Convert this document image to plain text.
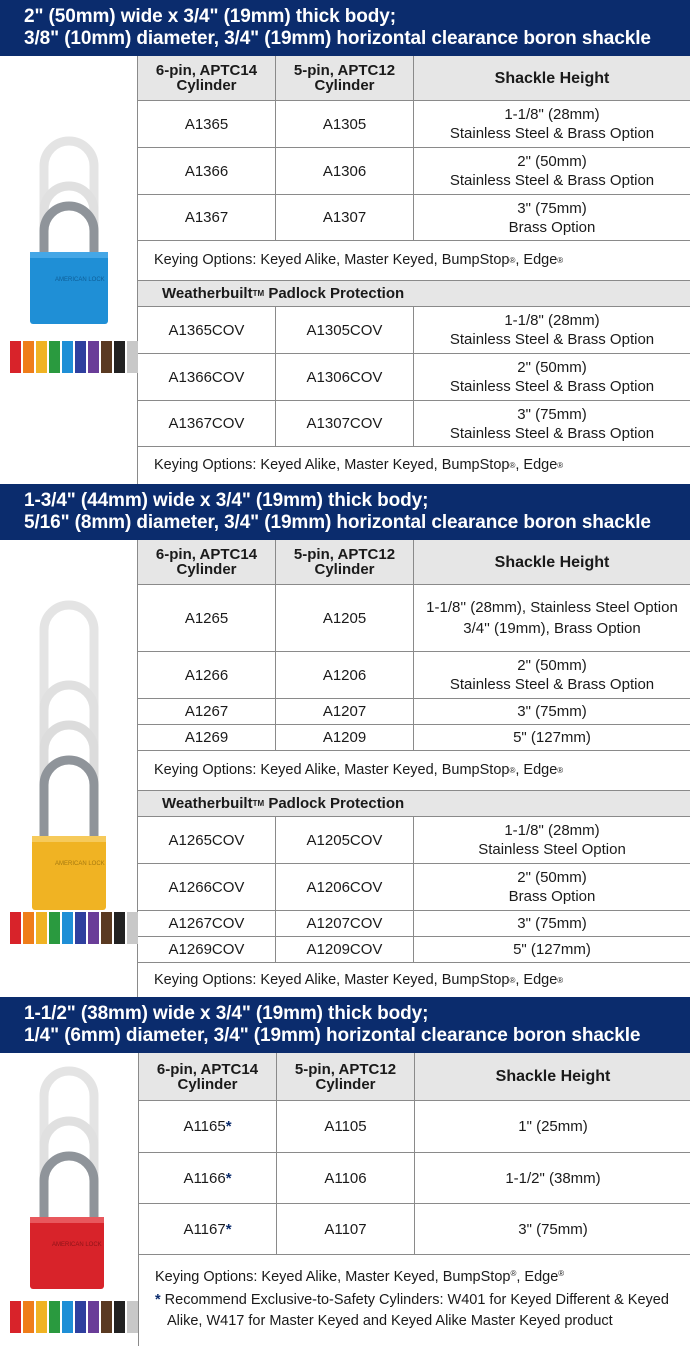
2" (50mm) wide x 3/4" (19mm) thick body;
3/8" (10mm) diameter, 3/4" (19mm) horizontal clearance boron shackle
AMERICAN LOCK
6-pin, APTC14
Cylinder
5-pin, APTC12
Cylinder	Shackle Height
A1365	A1305
1-1/8" (28mm)
Stainless Steel & Brass Option
A1366	A1306
2" (50mm)
Stainless Steel & Brass Option
A1367	A1307
3" (75mm)
Brass Option
Keying Options: Keyed Alike, Master Keyed, BumpStop ® , Edge ®
Weatherbuilt TM
Padlock Protection
A1365COV	A1305COV
1-1/8" (28mm)
Stainless Steel & Brass Option
A1366COV	A1306COV
2" (50mm)
Stainless Steel & Brass Option
A1367COV	A1307COV
3" (75mm)
Stainless Steel & Brass Option
Keying Options: Keyed Alike, Master Keyed, BumpStop ® , Edge ®
1-3/4" (44mm) wide x 3/4" (19mm) thick body;
5/16" (8mm) diameter, 3/4" (19mm) horizontal clearance boron shackle
AMERICAN LOCK
6-pin, APTC14
Cylinder
5-pin, APTC12
Cylinder	Shackle Height
A1265	A1205
1-1/8'' (28mm), Stainless Steel Option
3/4'' (19mm), Brass Option
A1266	A1206
2" (50mm)
Stainless Steel & Brass Option
A1267	A1207	3" (75mm)
A1269	A1209	5" (127mm)
Keying Options: Keyed Alike, Master Keyed, BumpStop ® , Edge ®
Weatherbuilt TM
Padlock Protection
A1265COV	A1205COV
1-1/8" (28mm)
Stainless Steel Option
A1266COV	A1206COV
2" (50mm)
Brass Option
A1267COV	A1207COV	3" (75mm)
A1269COV	A1209COV	5" (127mm)
Keying Options: Keyed Alike, Master Keyed, BumpStop ® , Edge ®
1-1/2" (38mm) wide x 3/4" (19mm) thick body;
1/4" (6mm) diameter, 3/4" (19mm) horizontal clearance boron shackle
AMERICAN LOCK
6-pin, APTC14
Cylinder
5-pin, APTC12
Cylinder	Shackle Height
A1165 *	A1105	1" (25mm)
A1166 *	A1106	1-1/2" (38mm)
A1167 *	A1107	3" (75mm)
Keying Options: Keyed Alike, Master Keyed, BumpStop®, Edge®
* Recommend Exclusive-to-Safety Cylinders: W401 for Keyed Different & Keyed
Alike, W417 for Master Keyed and Keyed Alike Master Keyed product
